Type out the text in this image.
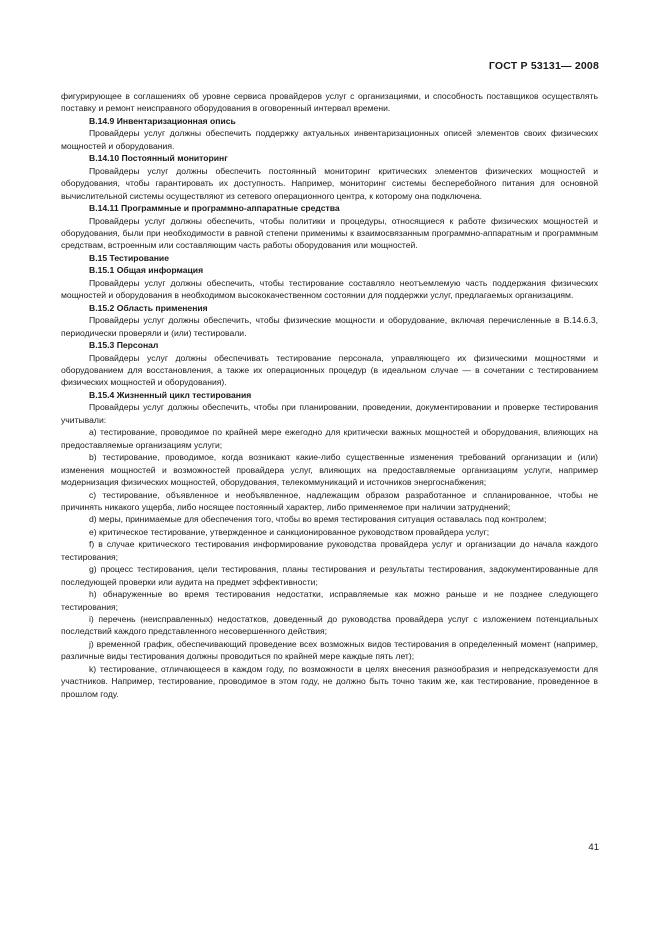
ГОСТ Р 53131— 2008

фигурирующее в соглашениях об уровне сервиса провайдеров услуг с организациями, и способность поставщиков осуществлять поставку и ремонт неисправного оборудования в оговоренный интервал времени.

В.14.9 Инвентаризационная опись

Провайдеры услуг должны обеспечить поддержку актуальных инвентаризационных описей элементов своих физических мощностей и оборудования.

В.14.10 Постоянный мониторинг

Провайдеры услуг должны обеспечить постоянный мониторинг критических элементов физических мощностей и оборудования, чтобы гарантировать их доступность. Например, мониторинг системы бесперебойного питания для основной вычислительной системы осуществляют из сетевого операционного центра, к которому она подключена.

В.14.11 Программные и программно-аппаратные средства

Провайдеры услуг должны обеспечить, чтобы политики и процедуры, относящиеся к работе физических мощностей и оборудования, были при необходимости в равной степени применимы к взаимосвязанным программно-аппаратным и программным средствам, встроенным или составляющим часть работы оборудования или мощностей.

В.15 Тестирование

В.15.1 Общая информация

Провайдеры услуг должны обеспечить, чтобы тестирование составляло неотъемлемую часть поддержания физических мощностей и оборудования в необходимом высококачественном состоянии для поддержки услуг, предлагаемых организациям.

В.15.2 Область применения

Провайдеры услуг должны обеспечить, чтобы физические мощности и оборудование, включая перечисленные в В.14.6.3, периодически проверяли и (или) тестировали.

В.15.3 Персонал

Провайдеры услуг должны обеспечивать тестирование персонала, управляющего их физическими мощностями и оборудованием для восстановления, а также их операционных процедур (в идеальном случае — в сочетании с тестированием физических мощностей и оборудования).

В.15.4 Жизненный цикл тестирования

Провайдеры услуг должны обеспечить, чтобы при планировании, проведении, документировании и проверке тестирования учитывали:

а) тестирование, проводимое по крайней мере ежегодно для критически важных мощностей и оборудования, влияющих на предоставляемые организациям услуги;

b) тестирование, проводимое, когда возникают какие-либо существенные изменения требований организации и (или) изменения мощностей и возможностей провайдера услуг, влияющих на предоставляемые организациям услуги, например модернизация физических мощностей, оборудования, телекоммуникаций и источников энергоснабжения;

с) тестирование, объявленное и необъявленное, надлежащим образом разработанное и спланированное, чтобы не причинять никакого ущерба, либо носящее постоянный характер, либо применяемое при наличии затруднений;

d) меры, принимаемые для обеспечения того, чтобы во время тестирования ситуация оставалась под контролем;

е) критическое тестирование, утвержденное и санкционированное руководством провайдера услуг;

f) в случае критического тестирования информирование руководства провайдера услуг и организации до начала каждого тестирования;

g) процесс тестирования, цели тестирования, планы тестирования и результаты тестирования, задокументированные для последующей проверки или аудита на предмет эффективности;

h) обнаруженные во время тестирования недостатки, исправляемые как можно раньше и не позднее следующего тестирования;

i) перечень (неисправленных) недостатков, доведенный до руководства провайдера услуг с изложением потенциальных последствий каждого представленного несовершенного действия;

j) временной график, обеспечивающий проведение всех возможных видов тестирования в определенный момент (например, различные виды тестирования должны проводиться по крайней мере каждые пять лет);

k) тестирование, отличающееся в каждом году, по возможности в целях внесения разнообразия и непредсказуемости для участников. Например, тестирование, проводимое в этом году, не должно быть точно таким же, как тестирование, проведенное в прошлом году.

41
